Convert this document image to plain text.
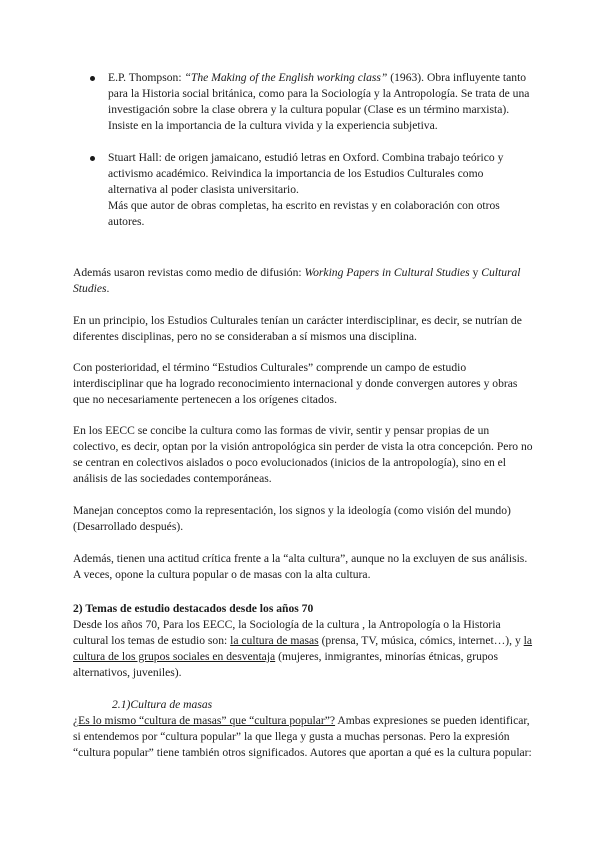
E.P. Thompson: “The Making of the English working class” (1963). Obra influyente tanto para la Historia social británica, como para la Sociología y la Antropología. Se trata de una investigación sobre la clase obrera y la cultura popular (Clase es un término marxista).

Insiste en la importancia de la cultura vivida y la experiencia subjetiva.

Stuart Hall: de origen jamaicano, estudió letras en Oxford. Combina trabajo teórico y activismo académico. Reivindica la importancia de los Estudios Culturales como alternativa al poder clasista universitario.

Más que autor de obras completas, ha escrito en revistas y en colaboración con otros autores.

Además usaron revistas como medio de difusión: Working Papers in Cultural Studies y Cultural Studies.

En un principio, los Estudios Culturales tenían un carácter interdisciplinar, es decir, se nutrían de diferentes disciplinas, pero no se consideraban a sí mismos una disciplina.

Con posterioridad, el término “Estudios Culturales” comprende un campo de estudio interdisciplinar que ha logrado reconocimiento internacional y donde convergen autores y obras que no necesariamente pertenecen a los orígenes citados.

En los EECC se concibe la cultura como las formas de vivir, sentir y pensar propias de un colectivo, es decir, optan por la visión antropológica sin perder de vista la otra concepción. Pero no se centran en colectivos aislados o poco evolucionados (inicios de la antropología), sino en el análisis de las sociedades contemporáneas.

Manejan conceptos como la representación, los signos y la ideología (como visión del mundo) (Desarrollado después).

Además, tienen una actitud crítica frente a la “alta cultura”, aunque no la excluyen de sus análisis. A veces, opone la cultura popular o de masas con la alta cultura.

2) Temas de estudio destacados desde los años 70

Desde los años 70, Para los EECC, la Sociología de la cultura , la Antropología o la Historia cultural los temas de estudio son: la cultura de masas (prensa, TV, música, cómics, internet…), y la cultura de los grupos sociales en desventaja (mujeres, inmigrantes, minorías étnicas, grupos alternativos, juveniles).

2.1)Cultura de masas

¿Es lo mismo “cultura de masas” que “cultura popular”? Ambas expresiones se pueden identificar, si entendemos por “cultura popular” la que llega y gusta a muchas personas. Pero la expresión “cultura popular” tiene también otros significados. Autores que aportan a qué es la cultura popular:
